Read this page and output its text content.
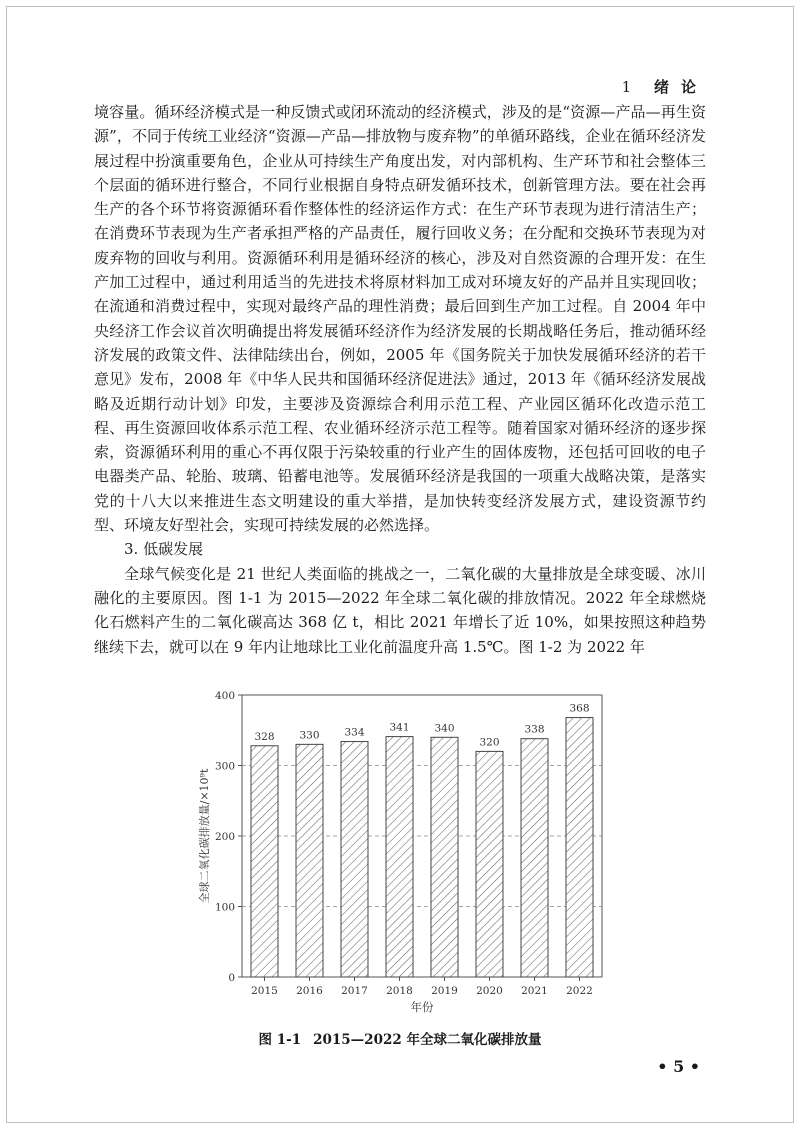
1 绪论

境容量。循环经济模式是一种反馈式或闭环流动的经济模式，涉及的是“资源—产品—再生资源”，不同于传统工业经济“资源—产品—排放物与废弃物”的单循环路线，企业在循环经济发展过程中扮演重要角色，企业从可持续生产角度出发，对内部机构、生产环节和社会整体三个层面的循环进行整合，不同行业根据自身特点研发循环技术，创新管理方法。要在社会再生产的各个环节将资源循环看作整体性的经济运作方式：在生产环节表现为进行清洁生产；在消费环节表现为生产者承担严格的产品责任，履行回收义务；在分配和交换环节表现为对废弃物的回收与利用。资源循环利用是循环经济的核心，涉及对自然资源的合理开发：在生产加工过程中，通过利用适当的先进技术将原材料加工成对环境友好的产品并且实现回收；在流通和消费过程中，实现对最终产品的理性消费；最后回到生产加工过程。自 2004 年中央经济工作会议首次明确提出将发展循环经济作为经济发展的长期战略任务后，推动循环经济发展的政策文件、法律陆续出台，例如，2005 年《国务院关于加快发展循环经济的若干意见》发布，2008 年《中华人民共和国循环经济促进法》通过，2013 年《循环经济发展战略及近期行动计划》印发，主要涉及资源综合利用示范工程、产业园区循环化改造示范工程、再生资源回收体系示范工程、农业循环经济示范工程等。随着国家对循环经济的逐步探索，资源循环利用的重心不再仅限于污染较重的行业产生的固体废物，还包括可回收的电子电器类产品、轮胎、玻璃、铅蓄电池等。发展循环经济是我国的一项重大战略决策，是落实党的十八大以来推进生态文明建设的重大举措，是加快转变经济发展方式，建设资源节约型、环境友好型社会，实现可持续发展的必然选择。

3. 低碳发展

全球气候变化是 21 世纪人类面临的挑战之一，二氧化碳的大量排放是全球变暖、冰川融化的主要原因。图 1-1 为 2015—2022 年全球二氧化碳的排放情况。2022 年全球燃烧化石燃料产生的二氧化碳高达 368 亿 t，相比 2021 年增长了近 10%，如果按照这种趋势继续下去，就可以在 9 年内让地球比工业化前温度升高 1.5℃。图 1-2 为 2022 年

0
100
200
300
400
2015 2016 2017 2018 2019 2020 2021 2022
年份
全球二氧化碳排放量/×10⁹t
328 330 334 341 340
320
338
368
图 1-1 2015—2022 年全球二氧化碳排放量
• 5 •
